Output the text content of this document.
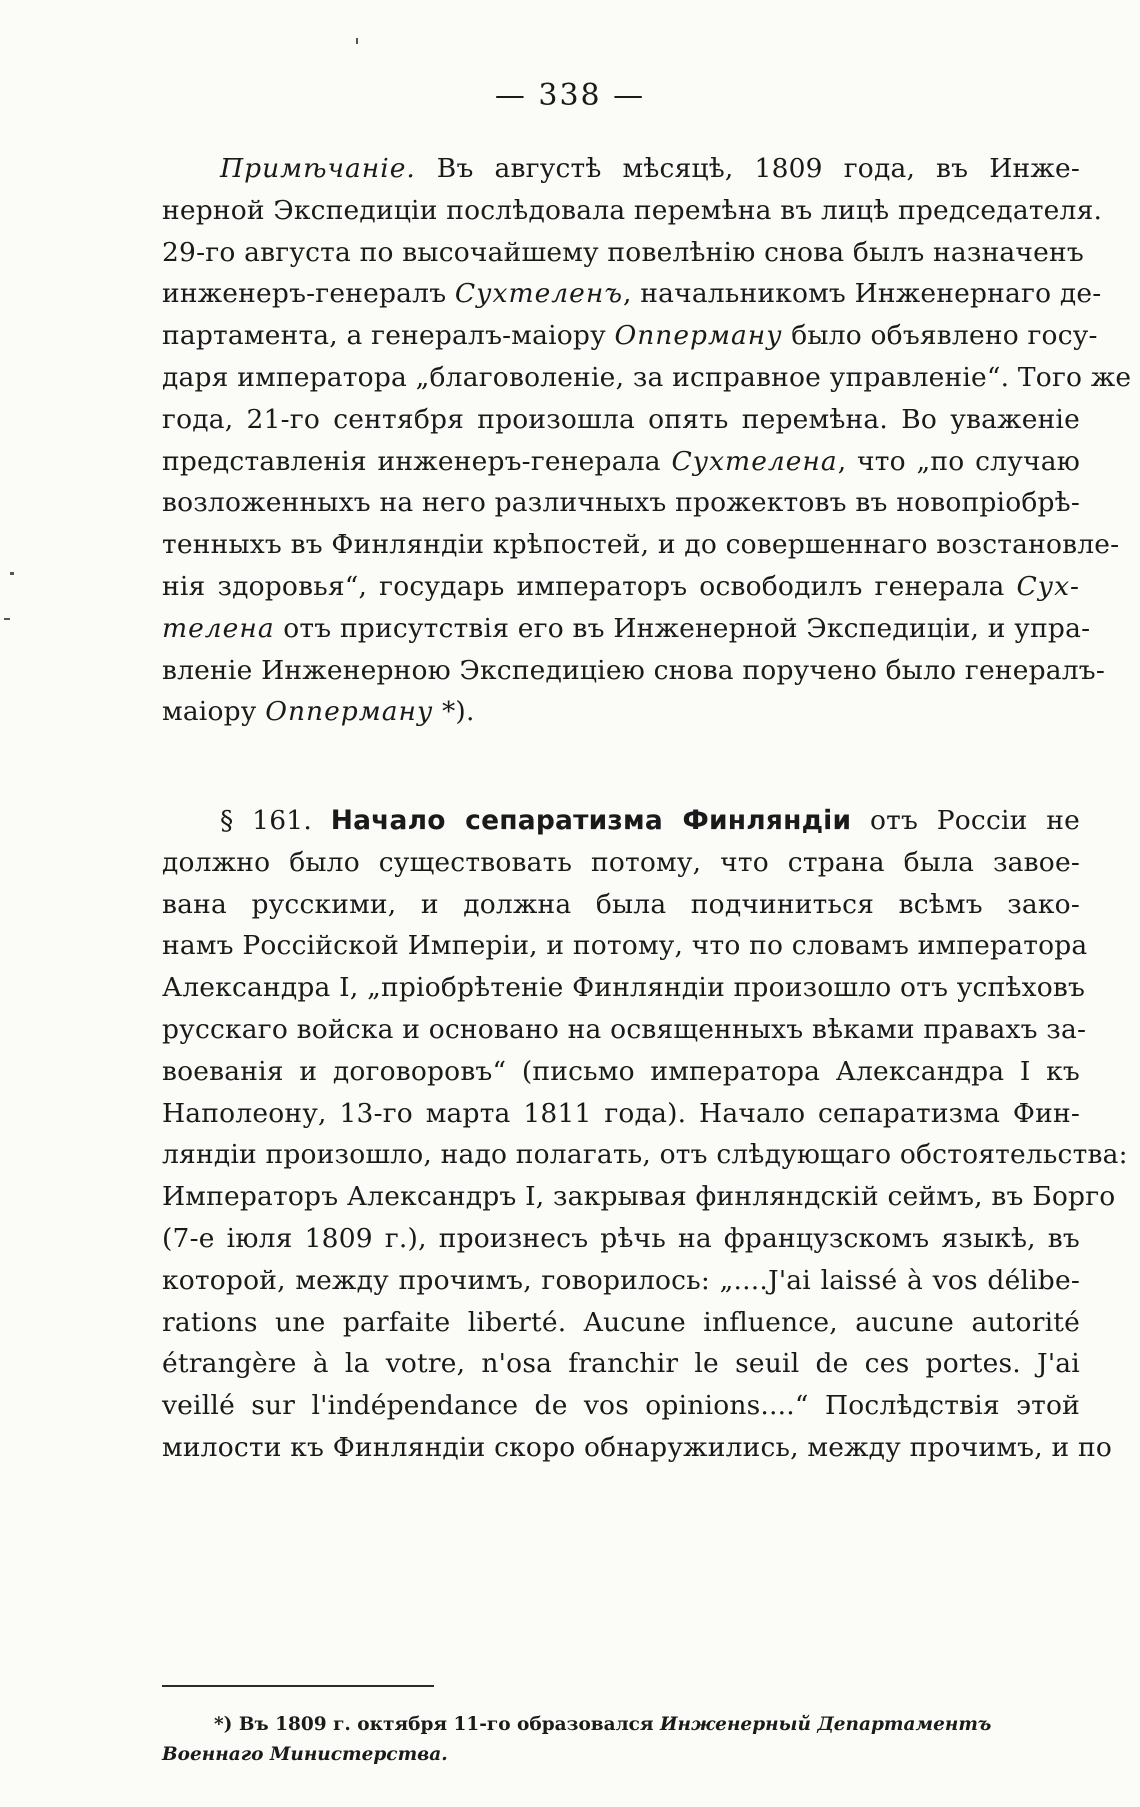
— 338 —
Примѣчаніе. Въ августѣ мѣсяцѣ, 1809 года, въ Инже-
нерной Экспедиціи послѣдовала перемѣна въ лицѣ председателя.
29-го августа по высочайшему повелѣнію снова былъ назначенъ
инженеръ-генералъ Сухтеленъ, начальникомъ Инженернаго де-
партамента, а генералъ-маіору Опперману было объявлено госу-
даря императора „благоволеніе, за исправное управленіе“. Того же
года, 21-го сентября произошла опять перемѣна. Во уваженіе
представленія инженеръ-генерала Сухтелена, что „по случаю
возложенныхъ на него различныхъ прожектовъ въ новопріобрѣ-
тенныхъ въ Финляндіи крѣпостей, и до совершеннаго возстановле-
нія здоровья“, государь императоръ освободилъ генерала Сух-
телена отъ присутствія его въ Инженерной Экспедиціи, и упра-
вленіе Инженерною Экспедиціею снова поручено было генералъ-
маіору Опперману *).
§ 161. Начало сепаратизма Финляндіи отъ Россіи не
должно было существовать потому, что страна была завое-
вана русскими, и должна была подчиниться всѣмъ зако-
намъ Россійской Имперіи, и потому, что по словамъ императора
Александра I, „пріобрѣтеніе Финляндіи произошло отъ успѣховъ
русскаго войска и основано на освященныхъ вѣками правахъ за-
воеванія и договоровъ“ (письмо императора Александра I къ
Наполеону, 13-го марта 1811 года). Начало сепаратизма Фин-
ляндіи произошло, надо полагать, отъ слѣдующаго обстоятельства:
Императоръ Александръ I, закрывая финляндскій сеймъ, въ Борго
(7-е іюля 1809 г.), произнесъ рѣчь на французскомъ языкѣ, въ
которой, между прочимъ, говорилось: „....J'ai laissé à vos délibe-
rations une parfaite liberté. Aucune influence, aucune autorité
étrangère à la votre, n'osa franchir le seuil de ces portes. J'ai
veillé sur l'indépendance de vos opinions....“ Послѣдствія этой
милости къ Финляндіи скоро обнаружились, между прочимъ, и по
*) Въ 1809 г. октября 11-го образовался Инженерный Департаментъ
Военнаго Министерства.
